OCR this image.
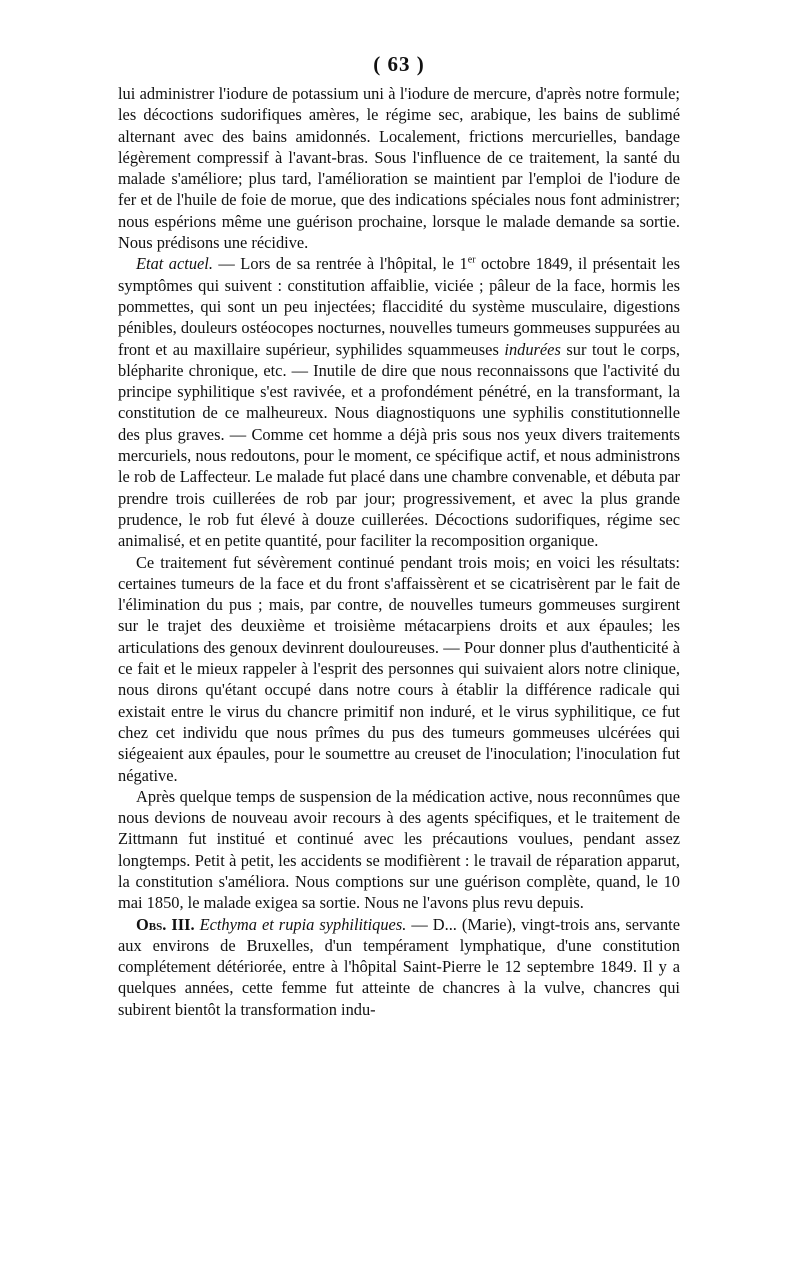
( 63 )

lui administrer l'iodure de potassium uni à l'iodure de mercure, d'après notre formule; les décoctions sudorifiques amères, le régime sec, arabique, les bains de sublimé alternant avec des bains amidonnés. Localement, frictions mercurielles, bandage légèrement compressif à l'avant-bras. Sous l'influence de ce traitement, la santé du malade s'améliore; plus tard, l'amélioration se maintient par l'emploi de l'iodure de fer et de l'huile de foie de morue, que des indications spéciales nous font administrer; nous espérions même une guérison prochaine, lorsque le malade demande sa sortie. Nous prédisons une récidive.

Etat actuel. — Lors de sa rentrée à l'hôpital, le 1er octobre 1849, il présentait les symptômes qui suivent : constitution affaiblie, viciée ; pâleur de la face, hormis les pommettes, qui sont un peu injectées; flaccidité du système musculaire, digestions pénibles, douleurs ostéocopes nocturnes, nouvelles tumeurs gommeuses suppurées au front et au maxillaire supérieur, syphilides squammeuses indurées sur tout le corps, blépharite chronique, etc. — Inutile de dire que nous reconnaissons que l'activité du principe syphilitique s'est ravivée, et a profondément pénétré, en la transformant, la constitution de ce malheureux. Nous diagnostiquons une syphilis constitutionnelle des plus graves. — Comme cet homme a déjà pris sous nos yeux divers traitements mercuriels, nous redoutons, pour le moment, ce spécifique actif, et nous administrons le rob de Laffecteur. Le malade fut placé dans une chambre convenable, et débuta par prendre trois cuillerées de rob par jour; progressivement, et avec la plus grande prudence, le rob fut élevé à douze cuillerées. Décoctions sudorifiques, régime sec animalisé, et en petite quantité, pour faciliter la recomposition organique.

Ce traitement fut sévèrement continué pendant trois mois; en voici les résultats: certaines tumeurs de la face et du front s'affaissèrent et se cicatrisèrent par le fait de l'élimination du pus ; mais, par contre, de nouvelles tumeurs gommeuses surgirent sur le trajet des deuxième et troisième métacarpiens droits et aux épaules; les articulations des genoux devinrent douloureuses. — Pour donner plus d'authenticité à ce fait et le mieux rappeler à l'esprit des personnes qui suivaient alors notre clinique, nous dirons qu'étant occupé dans notre cours à établir la différence radicale qui existait entre le virus du chancre primitif non induré, et le virus syphilitique, ce fut chez cet individu que nous prîmes du pus des tumeurs gommeuses ulcérées qui siégeaient aux épaules, pour le soumettre au creuset de l'inoculation; l'inoculation fut négative.

Après quelque temps de suspension de la médication active, nous reconnûmes que nous devions de nouveau avoir recours à des agents spécifiques, et le traitement de Zittmann fut institué et continué avec les précautions voulues, pendant assez longtemps. Petit à petit, les accidents se modifièrent : le travail de réparation apparut, la constitution s'améliora. Nous comptions sur une guérison complète, quand, le 10 mai 1850, le malade exigea sa sortie. Nous ne l'avons plus revu depuis.

Obs. III. Ecthyma et rupia syphilitiques. — D... (Marie), vingt-trois ans, servante aux environs de Bruxelles, d'un tempérament lymphatique, d'une constitution complétement détériorée, entre à l'hôpital Saint-Pierre le 12 septembre 1849. Il y a quelques années, cette femme fut atteinte de chancres à la vulve, chancres qui subirent bientôt la transformation indu-
